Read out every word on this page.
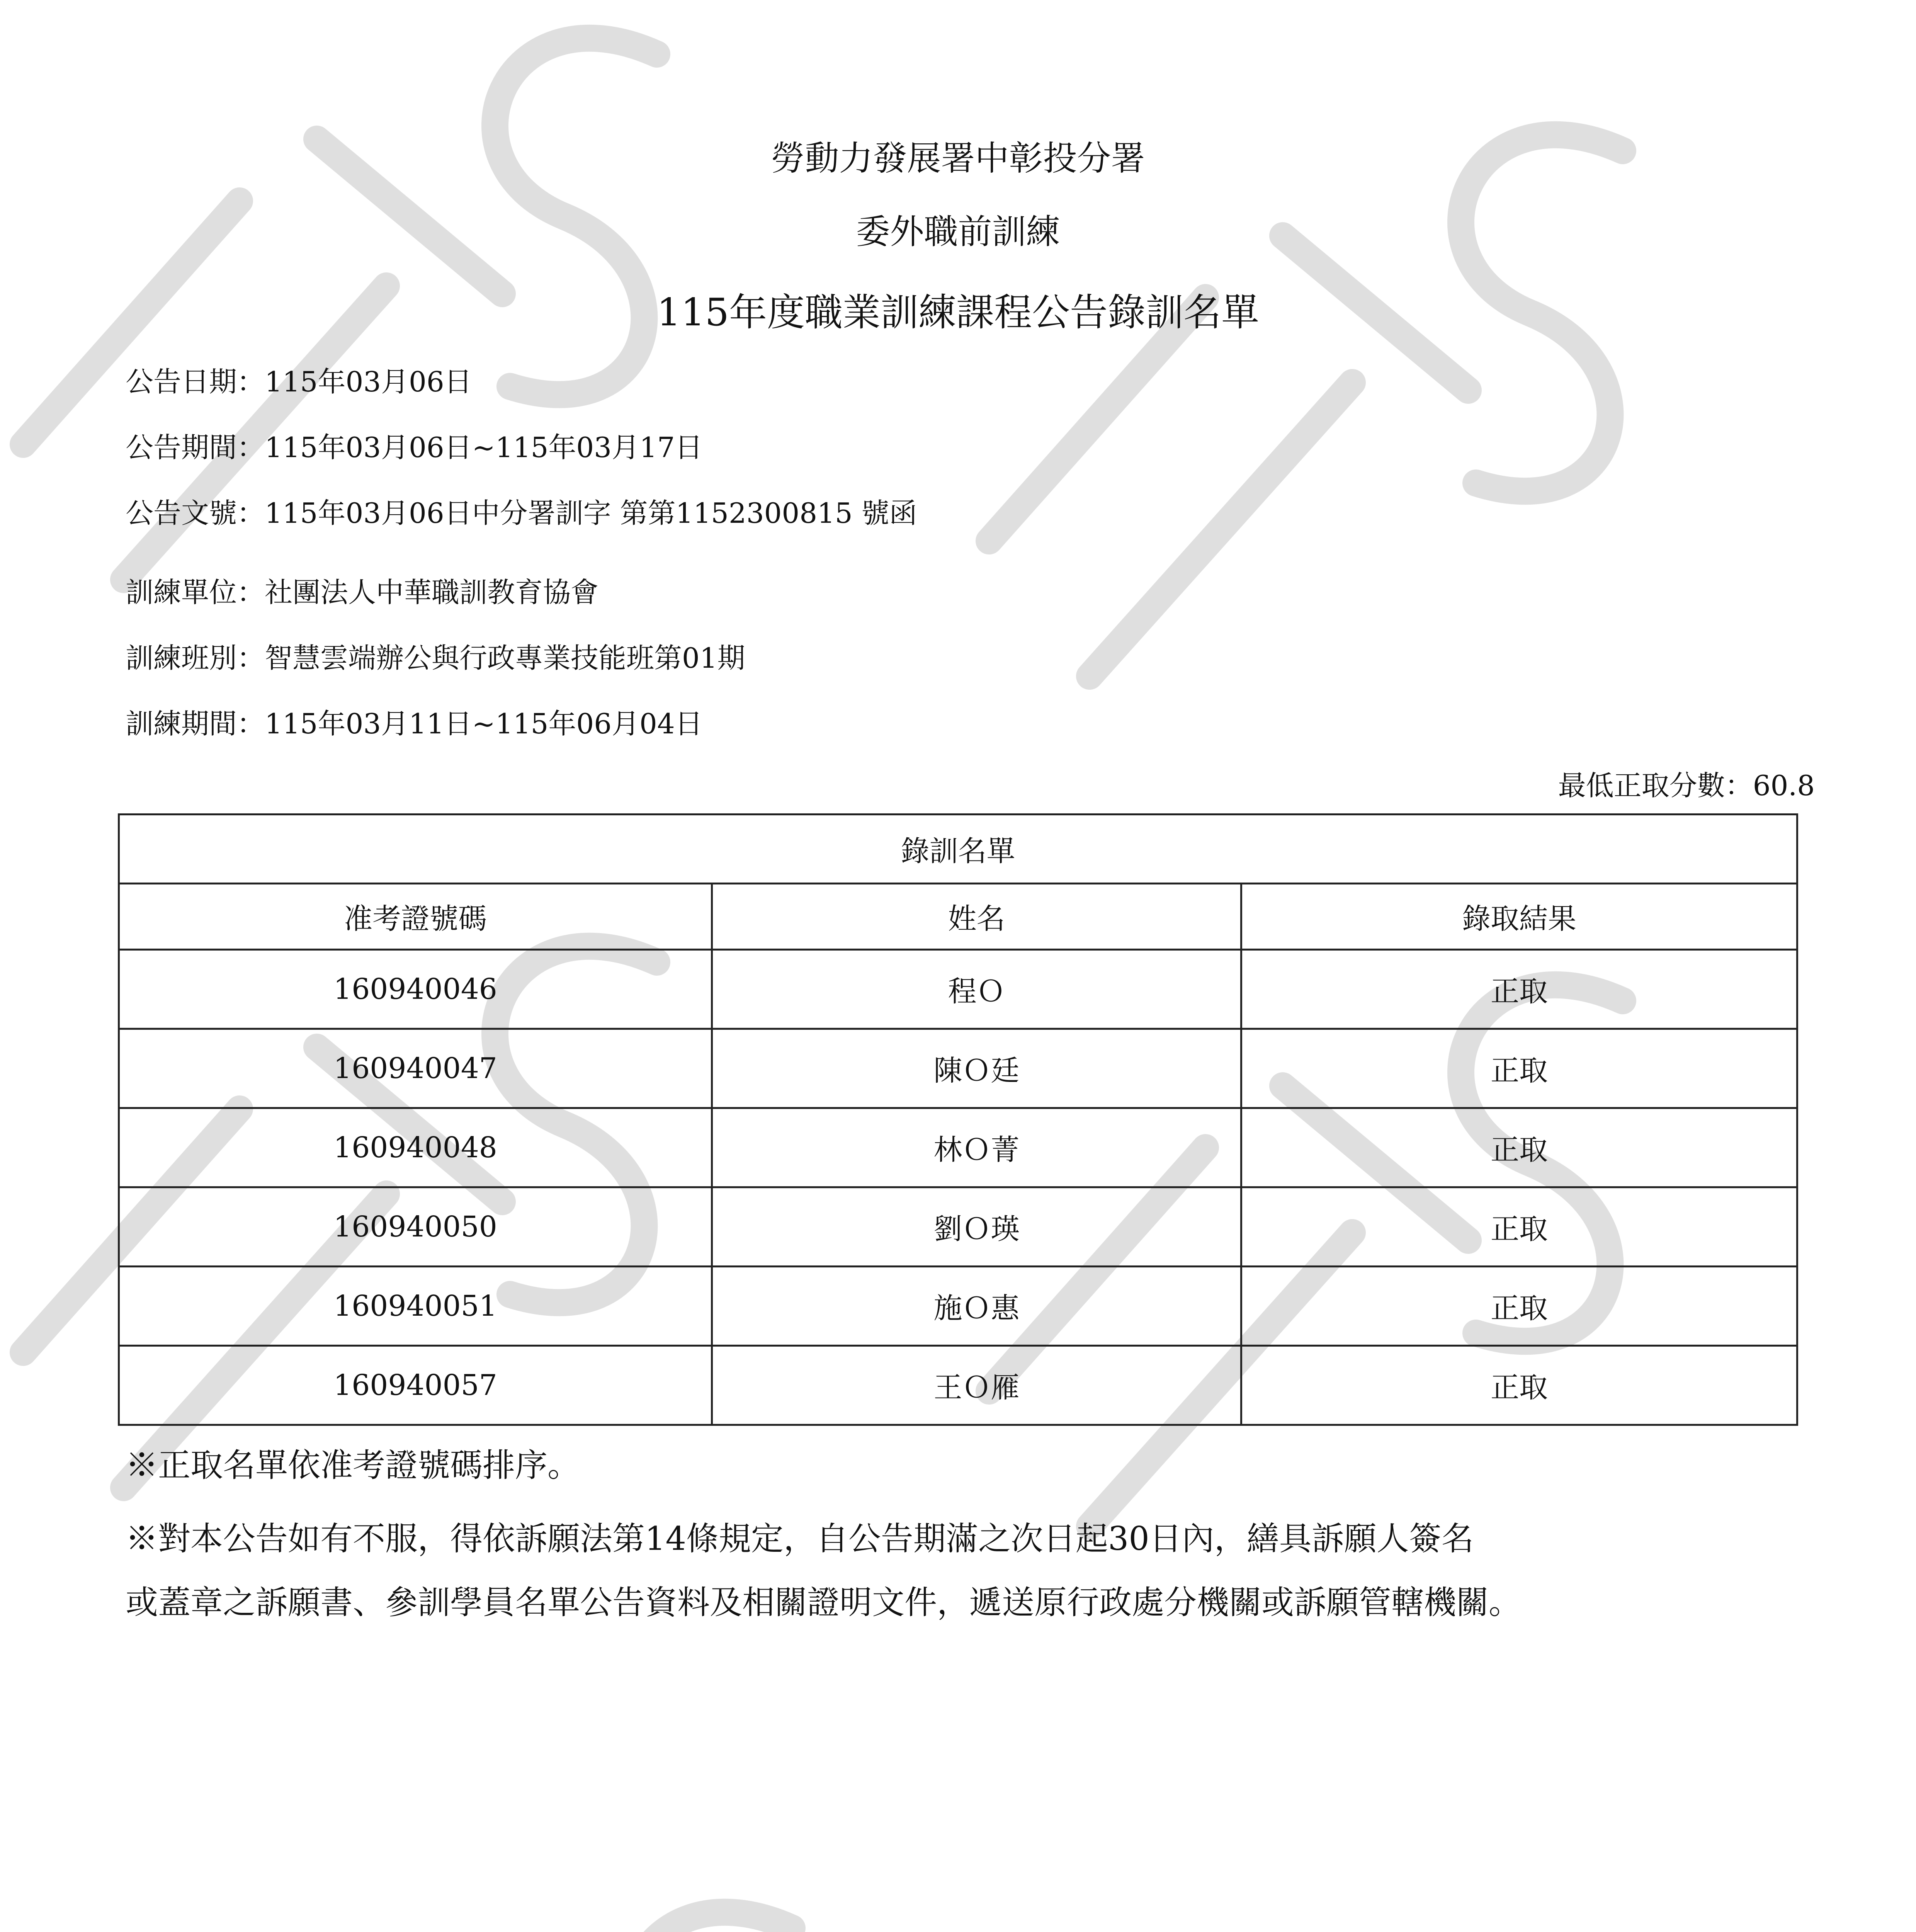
勞動力發展署中彰投分署
委外職前訓練
115年度職業訓練課程公告錄訓名單
公告日期：115年03月06日
公告期間：115年03月06日~115年03月17日
公告文號：115年03月06日中分署訓字 第第1152300815 號函
訓練單位：社團法人中華職訓教育協會
訓練班別：智慧雲端辦公與行政專業技能班第01期
訓練期間：115年03月11日~115年06月04日
最低正取分數：60.8
錄訓名單		
准考證號碼	姓名	錄取結果
160940046	程Ｏ	正取
160940047	陳Ｏ廷	正取
160940048	林Ｏ菁	正取
160940050	劉Ｏ瑛	正取
160940051	施Ｏ惠	正取
160940057	王Ｏ雁	正取
※正取名單依准考證號碼排序。
※對本公告如有不服，得依訴願法第14條規定，自公告期滿之次日起30日內，繕具訴願人簽名
或蓋章之訴願書、參訓學員名單公告資料及相關證明文件，遞送原行政處分機關或訴願管轄機關。
